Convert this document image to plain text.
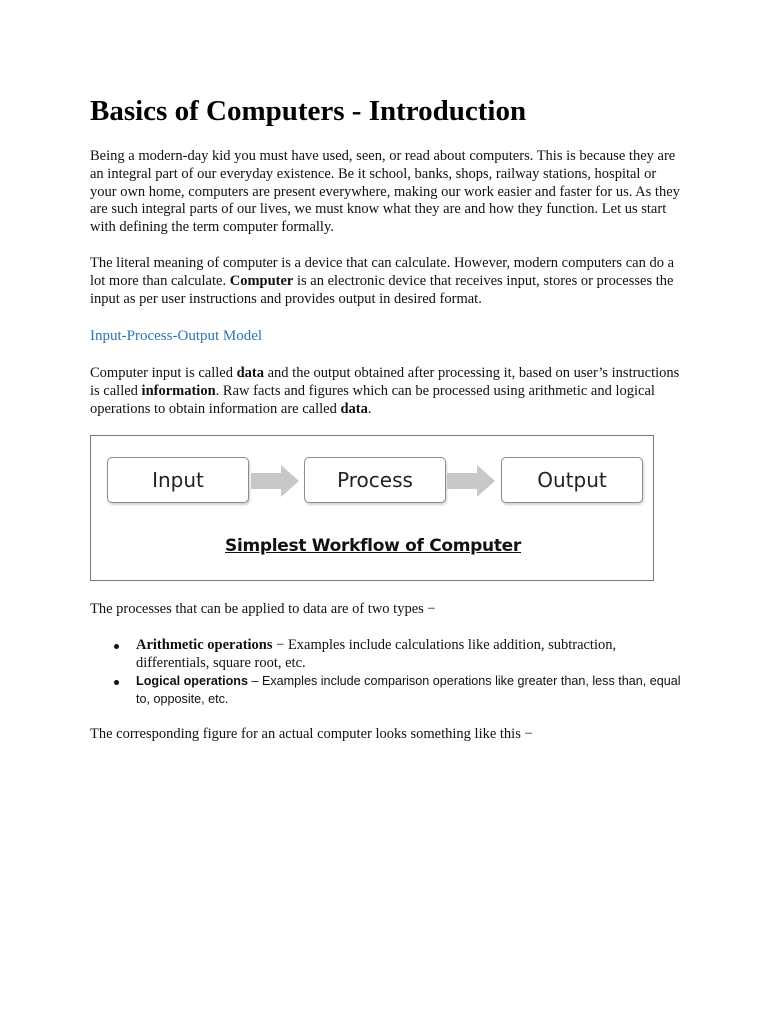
Basics of Computers - Introduction

Being a modern-day kid you must have used, seen, or read about computers. This is because they are an integral part of our everyday existence. Be it school, banks, shops, railway stations, hospital or your own home, computers are present everywhere, making our work easier and faster for us. As they are such integral parts of our lives, we must know what they are and how they function. Let us start with defining the term computer formally.

The literal meaning of computer is a device that can calculate. However, modern computers can do a lot more than calculate. Computer is an electronic device that receives input, stores or processes the input as per user instructions and provides output in desired format.

Input-Process-Output Model

Computer input is called data and the output obtained after processing it, based on user’s instructions is called information. Raw facts and figures which can be processed using arithmetic and logical operations to obtain information are called data.

Input	Process	Output
Simplest Workflow of Computer

The processes that can be applied to data are of two types −

Arithmetic operations − Examples include calculations like addition, subtraction, differentials, square root, etc.
Logical operations – Examples include comparison operations like greater than, less than, equal to, opposite, etc.

The corresponding figure for an actual computer looks something like this −
